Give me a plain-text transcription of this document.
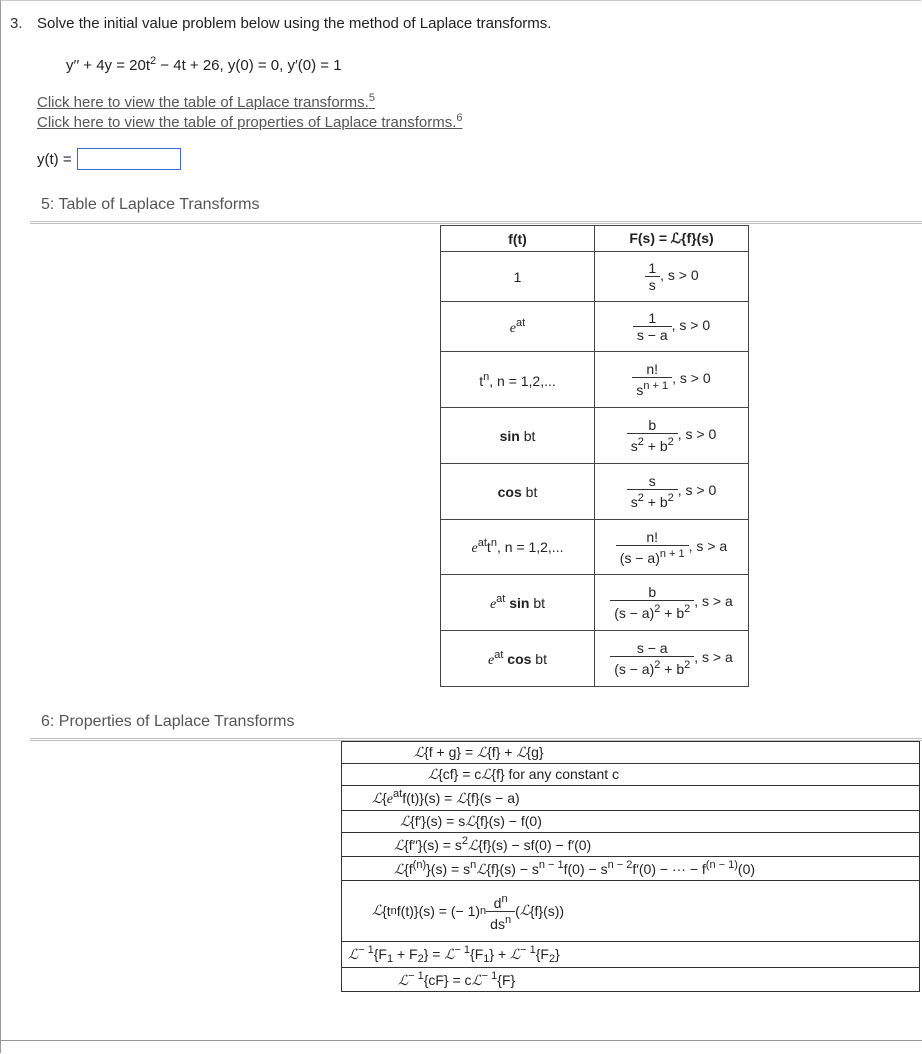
3. Solve the initial value problem below using the method of Laplace transforms.
$y'' + 4y = 20t^2 - 4t + 26$, y(0) = 0, y′(0) = 1
Click here to view the table of Laplace transforms.$^5$
Click here to view the table of properties of Laplace transforms.$^6$
y(t) =
5: Table of Laplace Transforms
f(t)	F(s) = ℒ{f}(s)
1	$\frac{1}{s}$ , s > 0
$e^{at}$	$\frac{1}{s - a}$ , s > 0
$t^n$, n = 1,2,...	$\frac{n!}{s^{n + 1}}$ , s > 0
sin bt	$\frac{b}{s^2 + b^2}$ , s > 0
cos bt	$\frac{s}{s^2 + b^2}$ , s > 0
$e^{at}t^n$, n = 1,2,...	$\frac{n!}{(s - a)^{n + 1}}$ , s > a
$e^{at}$ sin bt	$\frac{b}{(s - a)^2 + b^2}$ , s > a
$e^{at}$ cos bt	$\frac{s - a}{(s - a)^2 + b^2}$ , s > a
6: Properties of Laplace Transforms
ℒ{f + g} = ℒ{f} + ℒ{g}
ℒ{cf} = cℒ{f} for any constant c
$ℒ\{e^{at}f(t)\}(s)$ = ℒ{f}(s − a)
ℒ{f′}(s) = sℒ{f}(s) − f(0)
ℒ{f′′}(s) = $s^2ℒ\{f\}(s) - sf(0) - f'(0)$
$ℒ\{f^{(n)}\}(s)$ = $s^nℒ\{f\}(s) - s^{n - 1}f(0) - s^{n - 2}f'(0)$ − ··· − $f^{(n - 1)}(0)$
ℒ {t n f(t)}(s) = (− 1) n $\frac{d^n}{ds^n}$ ( ℒ {f}(s))
$ℒ^{- 1}\{F_1 + F_2\}$ = $ℒ^{- 1}\{F_1\}$ + $ℒ^{- 1}\{F_2\}$
ℒ$^{- 1}${cF} = cℒ$^{- 1}${F}
